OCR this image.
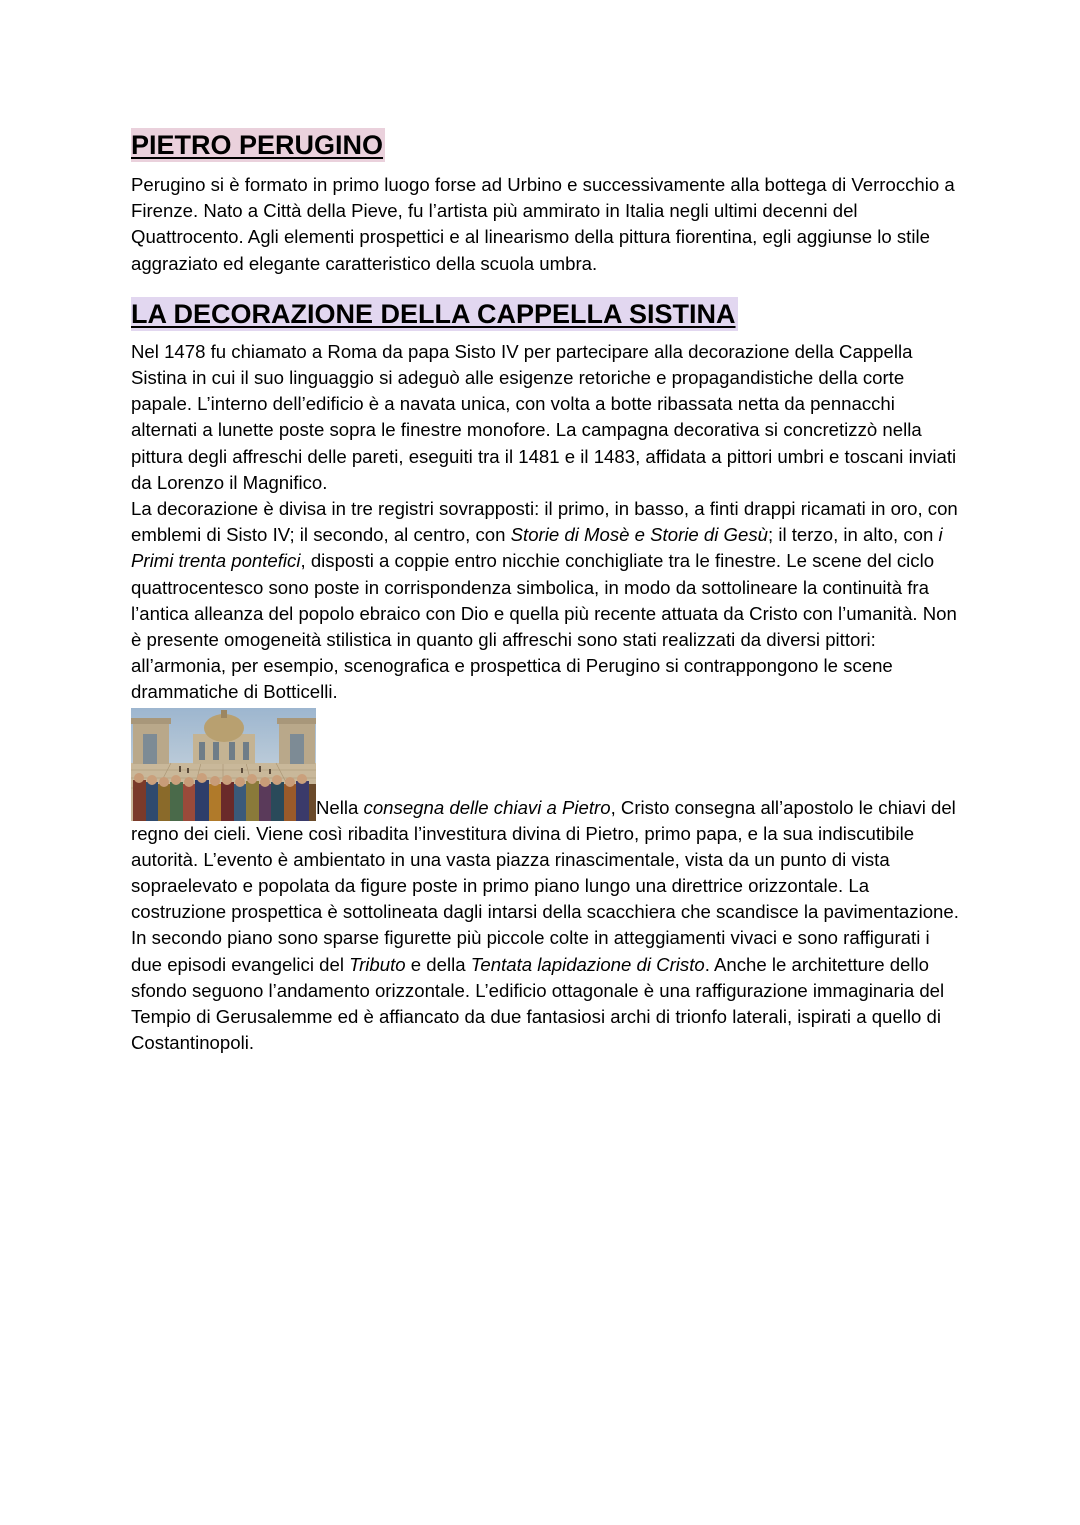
PIETRO PERUGINO

Perugino si è formato in primo luogo forse ad Urbino e successivamente alla bottega di Verrocchio a Firenze. Nato a Città della Pieve, fu l’artista più ammirato in Italia negli ultimi decenni del Quattrocento. Agli elementi prospettici e al linearismo della pittura fiorentina, egli aggiunse lo stile aggraziato ed elegante caratteristico della scuola umbra.

LA DECORAZIONE DELLA CAPPELLA SISTINA

Nel 1478 fu chiamato a Roma da papa Sisto IV per partecipare alla decorazione della Cappella Sistina in cui il suo linguaggio si adeguò alle esigenze retoriche e propagandistiche della corte papale. L’interno dell’edificio è a navata unica, con volta a botte ribassata netta da pennacchi alternati a lunette poste sopra le finestre monofore. La campagna decorativa si concretizzò nella pittura degli affreschi delle pareti, eseguiti tra il 1481 e il 1483, affidata a pittori umbri e toscani inviati da Lorenzo il Magnifico.

La decorazione è divisa in tre registri sovrapposti: il primo, in basso, a finti drappi ricamati in oro, con emblemi di Sisto IV; il secondo, al centro, con Storie di Mosè e Storie di Gesù; il terzo, in alto, con i Primi trenta pontefici, disposti a coppie entro nicchie conchigliate tra le finestre. Le scene del ciclo quattrocentesco sono poste in corrispondenza simbolica, in modo da sottolineare la continuità fra l’antica alleanza del popolo ebraico con Dio e quella più recente attuata da Cristo con l’umanità. Non è presente omogeneità stilistica in quanto gli affreschi sono stati realizzati da diversi pittori: all’armonia, per esempio, scenografica e prospettica di Perugino si contrappongono le scene drammatiche di Botticelli.

Nella consegna delle chiavi a Pietro, Cristo consegna all’apostolo le chiavi del regno dei cieli. Viene così ribadita l’investitura divina di Pietro, primo papa, e la sua indiscutibile autorità. L’evento è ambientato in una vasta piazza rinascimentale, vista da un punto di vista sopraelevato e popolata da figure poste in primo piano lungo una direttrice orizzontale. La costruzione prospettica è sottolineata dagli intarsi della scacchiera che scandisce la pavimentazione. In secondo piano sono sparse figurette più piccole colte in atteggiamenti vivaci e sono raffigurati i due episodi evangelici del Tributo e della Tentata lapidazione di Cristo. Anche le architetture dello sfondo seguono l’andamento orizzontale. L’edificio ottagonale è una raffigurazione immaginaria del Tempio di Gerusalemme ed è affiancato da due fantasiosi archi di trionfo laterali, ispirati a quello di Costantinopoli.
